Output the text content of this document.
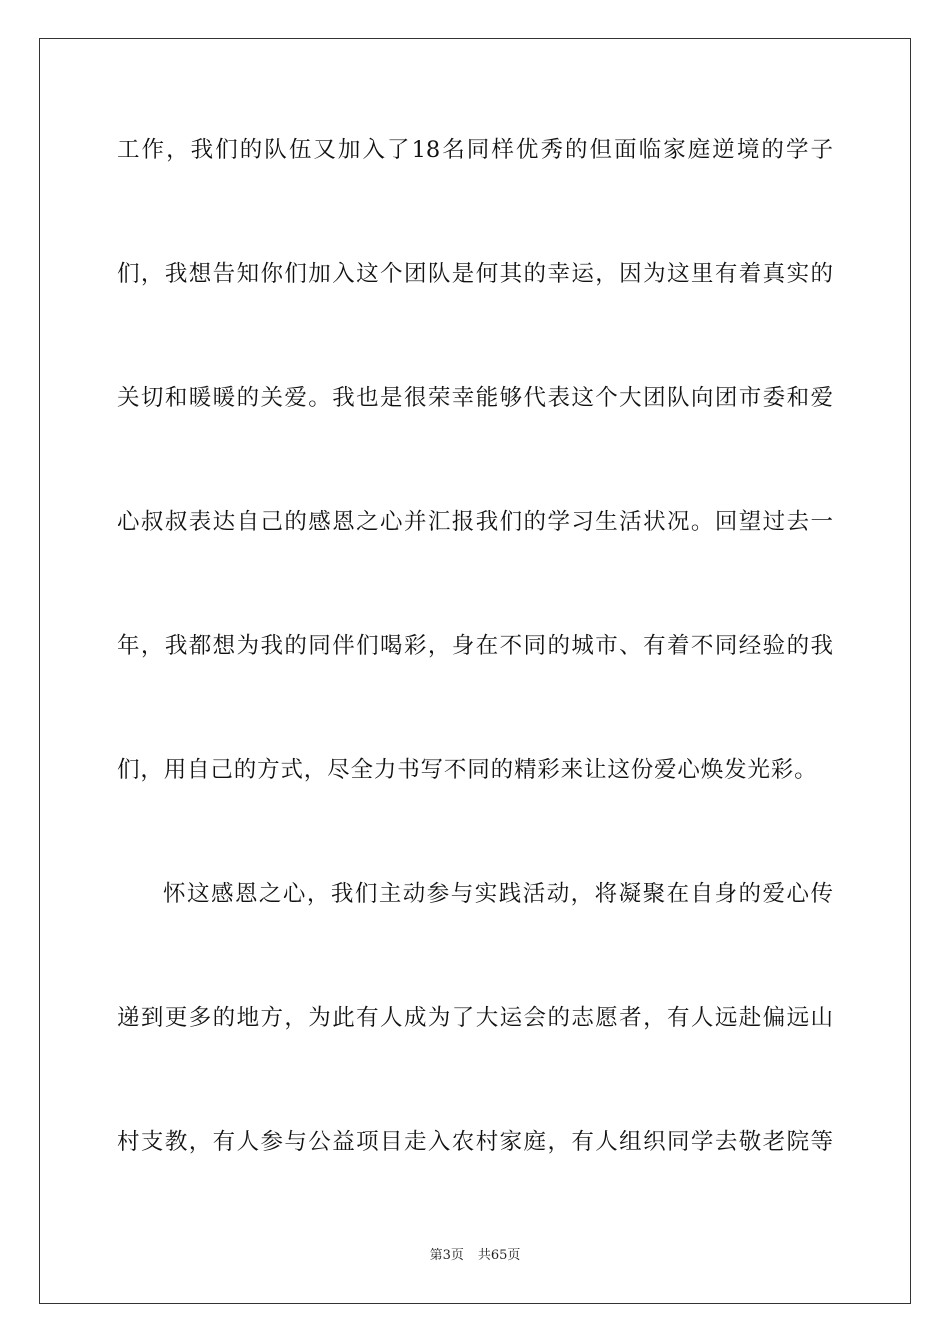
工作，我们的队伍又加入了18名同样优秀的但面临家庭逆境的学子
们，我想告知你们加入这个团队是何其的幸运，因为这里有着真实的
关切和暖暖的关爱。我也是很荣幸能够代表这个大团队向团市委和爱
心叔叔表达自己的感恩之心并汇报我们的学习生活状况。回望过去一
年，我都想为我的同伴们喝彩，身在不同的城市、有着不同经验的我
们，用自己的方式，尽全力书写不同的精彩来让这份爱心焕发光彩。
怀这感恩之心，我们主动参与实践活动，将凝聚在自身的爱心传
递到更多的地方，为此有人成为了大运会的志愿者，有人远赴偏远山
村支教，有人参与公益项目走入农村家庭，有人组织同学去敬老院等
第3页 共65页
